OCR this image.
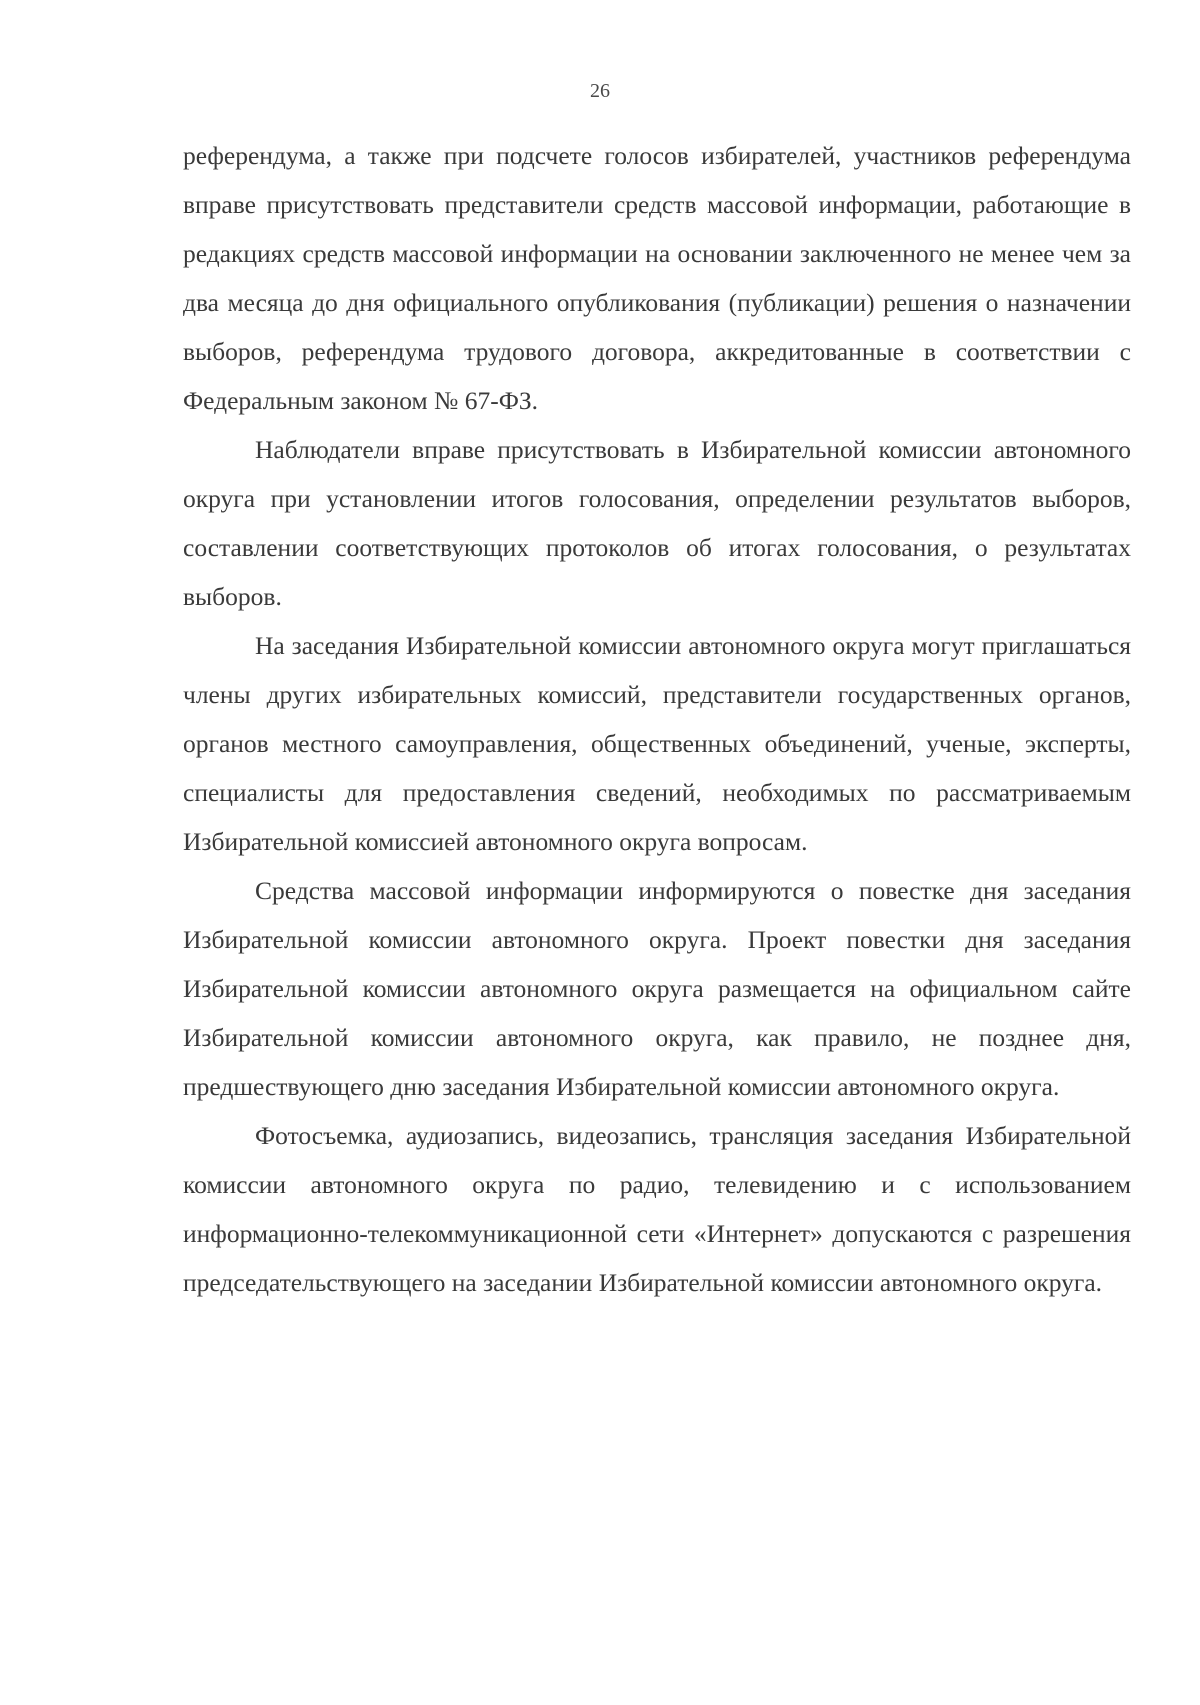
26

референдума, а также при подсчете голосов избирателей, участников референдума вправе присутствовать представители средств массовой информации, работающие в редакциях средств массовой информации на основании заключенного не менее чем за два месяца до дня официального опубликования (публикации) решения о назначении выборов, референдума трудового договора, аккредитованные в соответствии с Федеральным законом № 67-ФЗ.

Наблюдатели вправе присутствовать в Избирательной комиссии автономного округа при установлении итогов голосования, определении результатов выборов, составлении соответствующих протоколов об итогах голосования, о результатах выборов.

На заседания Избирательной комиссии автономного округа могут приглашаться члены других избирательных комиссий, представители государственных органов, органов местного самоуправления, общественных объединений, ученые, эксперты, специалисты для предоставления сведений, необходимых по рассматриваемым Избирательной комиссией автономного округа вопросам.

Средства массовой информации информируются о повестке дня заседания Избирательной комиссии автономного округа. Проект повестки дня заседания Избирательной комиссии автономного округа размещается на официальном сайте Избирательной комиссии автономного округа, как правило, не позднее дня, предшествующего дню заседания Избирательной комиссии автономного округа.

Фотосъемка, аудиозапись, видеозапись, трансляция заседания Избирательной комиссии автономного округа по радио, телевидению и с использованием информационно-телекоммуникационной сети «Интернет» допускаются с разрешения председательствующего на заседании Избирательной комиссии автономного округа.
